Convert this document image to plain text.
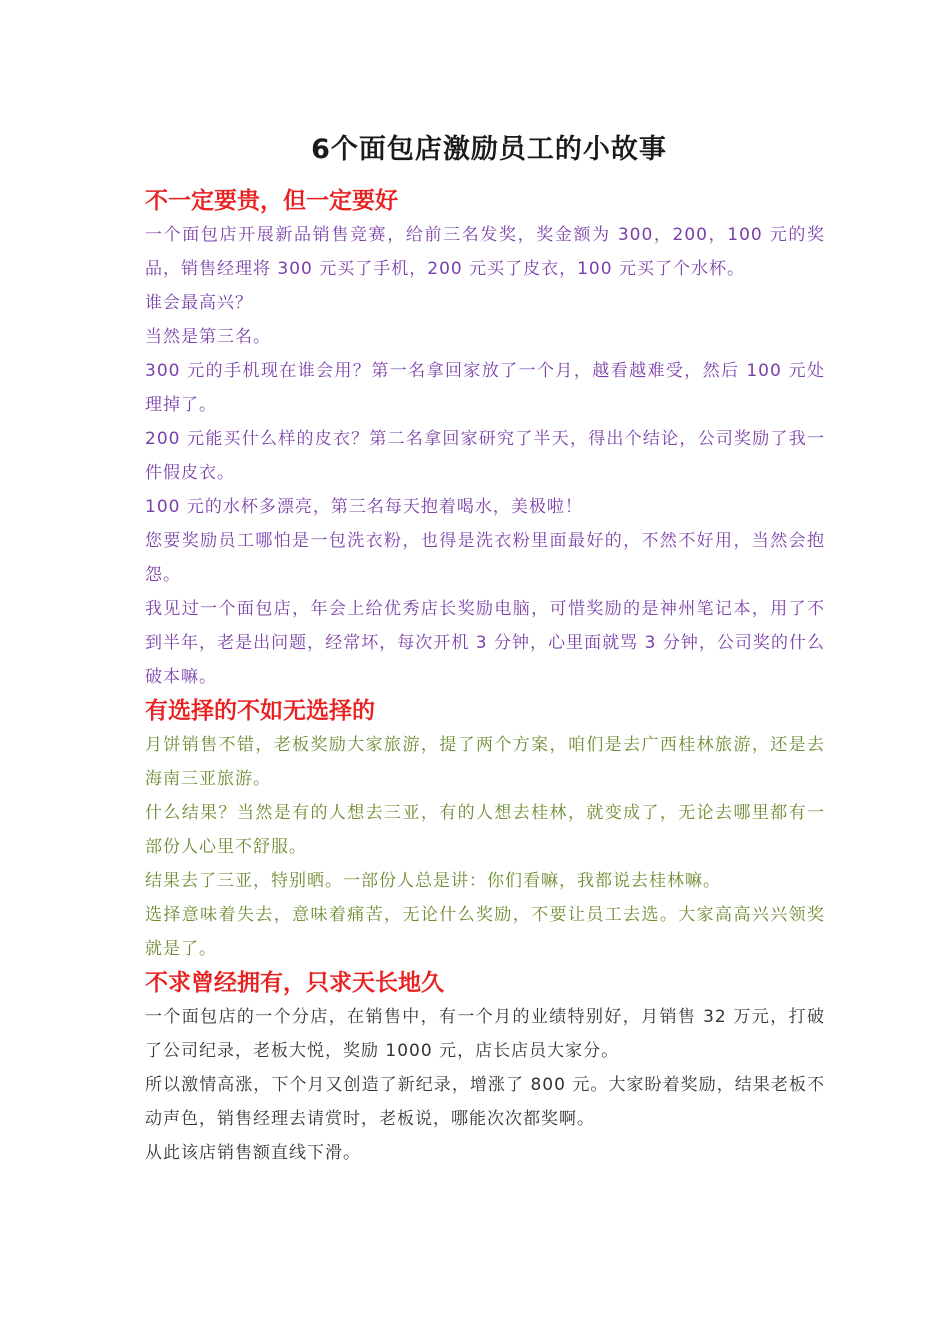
6个面包店激励员工的小故事
不一定要贵，但一定要好

一个面包店开展新品销售竞赛，给前三名发奖，奖金额为 300，200，100 元的奖品，销售经理将 300 元买了手机，200 元买了皮衣，100 元买了个水杯。

谁会最高兴？

当然是第三名。

300 元的手机现在谁会用？第一名拿回家放了一个月，越看越难受，然后 100 元处理掉了。

200 元能买什么样的皮衣？第二名拿回家研究了半天，得出个结论，公司奖励了我一件假皮衣。

100 元的水杯多漂亮，第三名每天抱着喝水，美极啦！

您要奖励员工哪怕是一包洗衣粉，也得是洗衣粉里面最好的，不然不好用，当然会抱怨。

我见过一个面包店，年会上给优秀店长奖励电脑，可惜奖励的是神州笔记本，用了不到半年，老是出问题，经常坏，每次开机 3 分钟，心里面就骂 3 分钟，公司奖的什么破本嘛。

有选择的不如无选择的

月饼销售不错，老板奖励大家旅游，提了两个方案，咱们是去广西桂林旅游，还是去海南三亚旅游。

什么结果？当然是有的人想去三亚，有的人想去桂林，就变成了，无论去哪里都有一部份人心里不舒服。

结果去了三亚，特别晒。一部份人总是讲：你们看嘛，我都说去桂林嘛。

选择意味着失去，意味着痛苦，无论什么奖励，不要让员工去选。大家高高兴兴领奖就是了。

不求曾经拥有，只求天长地久

一个面包店的一个分店，在销售中，有一个月的业绩特别好，月销售 32 万元，打破了公司纪录，老板大悦，奖励 1000 元，店长店员大家分。

所以激情高涨，下个月又创造了新纪录，增涨了 800 元。大家盼着奖励，结果老板不动声色，销售经理去请赏时，老板说，哪能次次都奖啊。

从此该店销售额直线下滑。
